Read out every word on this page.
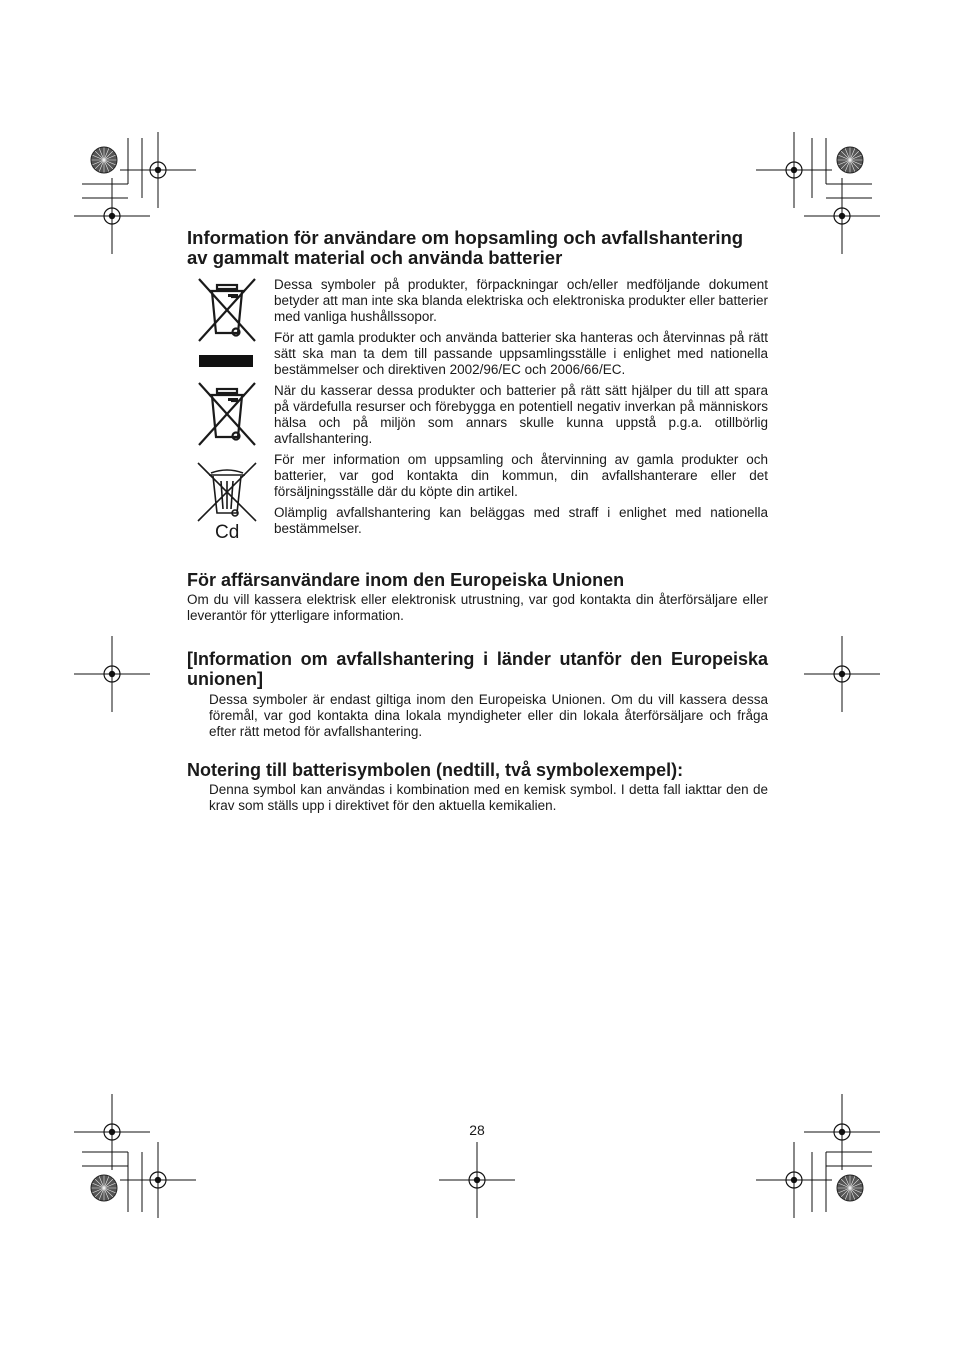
Information för användare om hopsamling och avfallshantering av gammalt material och använda batterier
Cd

Dessa symboler på produkter, förpackningar och/eller medföljande dokument betyder att man inte ska blanda elektriska och elektroniska produkter eller batterier med vanliga hushållssopor.

För att gamla produkter och använda batterier ska hanteras och återvinnas på rätt sätt ska man ta dem till passande uppsamlingsställe i enlighet med nationella bestämmelser och direktiven 2002/96/EC och 2006/66/EC.

När du kasserar dessa produkter och batterier på rätt sätt hjälper du till att spara på värdefulla resurser och förebygga en potentiell negativ inverkan på människors hälsa och på miljön som annars skulle kunna uppstå p.g.a. otillbörlig avfallshantering.

För mer information om uppsamling och återvinning av gamla produkter och batterier, var god kontakta din kommun, din avfallshanterare eller det försäljningsställe där du köpte din artikel.

Olämplig avfallshantering kan beläggas med straff i enlighet med nationella bestämmelser.

För affärsanvändare inom den Europeiska Unionen

Om du vill kassera elektrisk eller elektronisk utrustning, var god kontakta din återförsäljare eller leverantör för ytterligare information.

[Information om avfallshantering i länder utanför den Europeiska unionen]

Dessa symboler är endast giltiga inom den Europeiska Unionen. Om du vill kassera dessa föremål, var god kontakta dina lokala myndigheter eller din lokala återförsäljare och fråga efter rätt metod för avfallshantering.

Notering till batterisymbolen (nedtill, två symbolexempel):

Denna symbol kan användas i kombination med en kemisk symbol. I detta fall iakttar den de krav som ställs upp i direktivet för den aktuella kemikalien.

28
